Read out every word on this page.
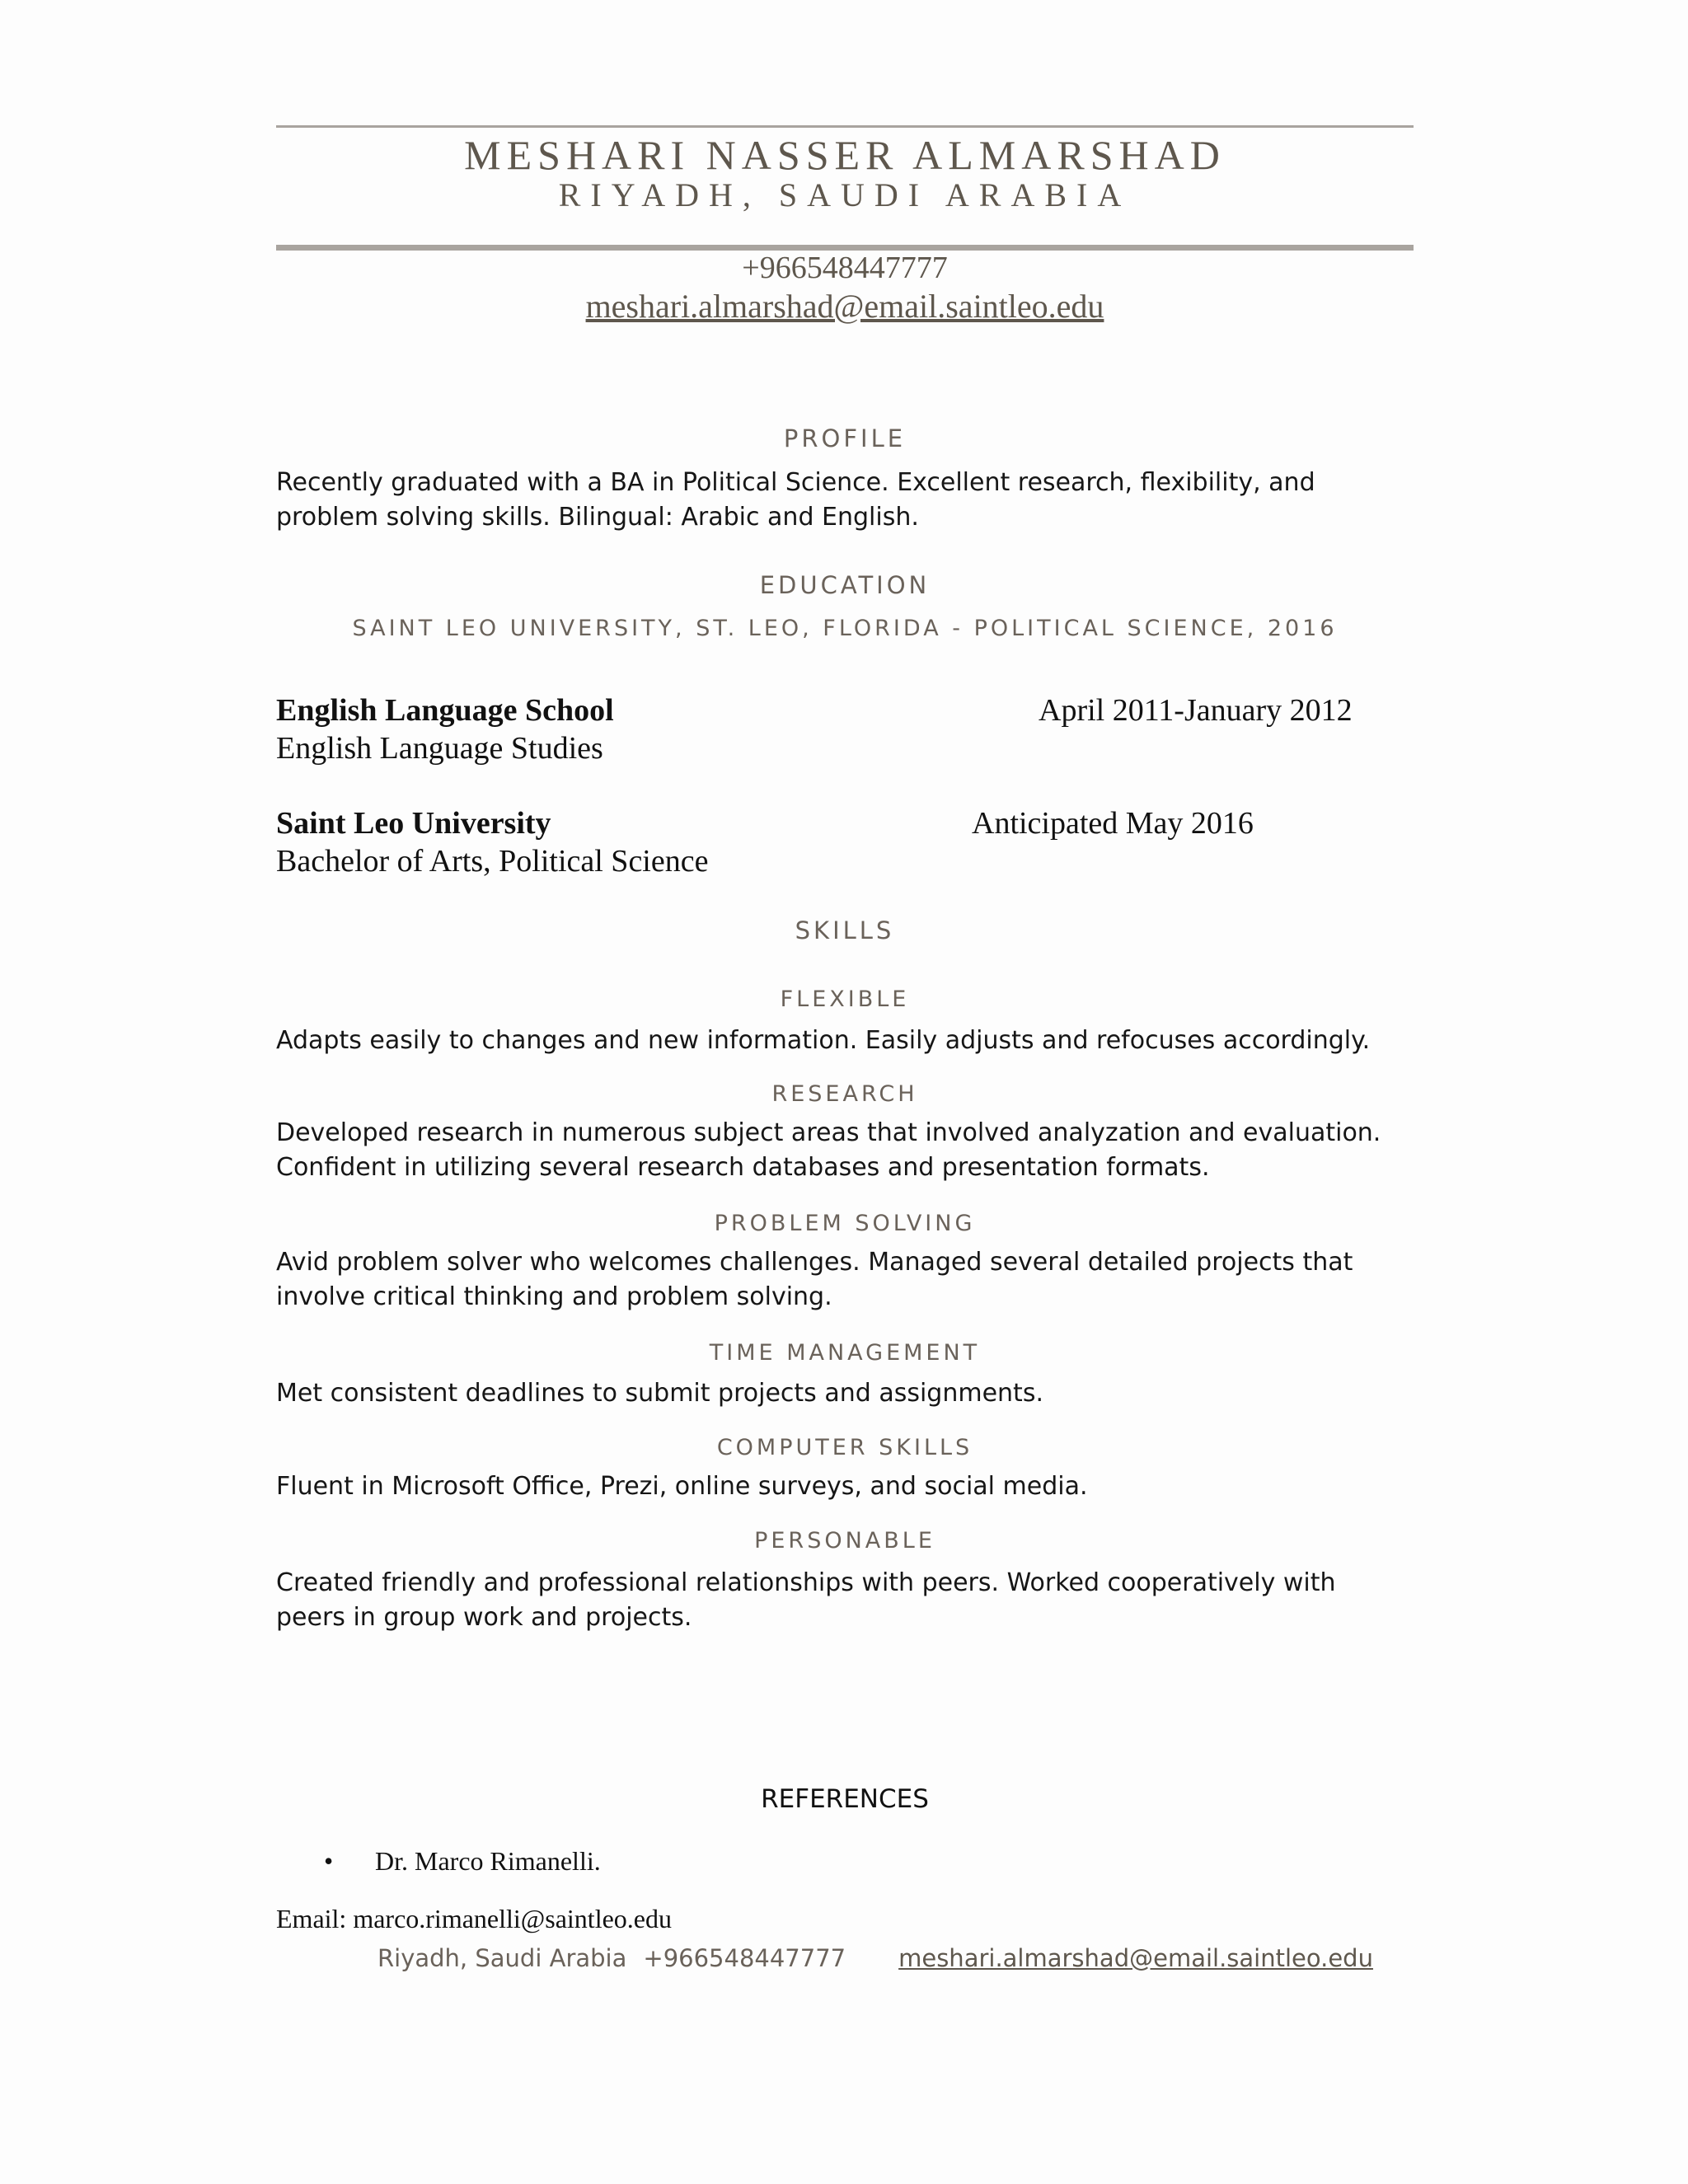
MESHARI NASSER ALMARSHAD
RIYADH, SAUDI ARABIA
+966548447777
meshari.almarshad@email.saintleo.edu
PROFILE
Recently graduated with a BA in Political Science. Excellent research, flexibility, and
problem solving skills. Bilingual: Arabic and English.
EDUCATION
SAINT LEO UNIVERSITY, ST. LEO, FLORIDA - POLITICAL SCIENCE, 2016
English Language School	April 2011-January 2012
English Language Studies
Saint Leo University	Anticipated May 2016
Bachelor of Arts, Political Science
SKILLS
FLEXIBLE
Adapts easily to changes and new information. Easily adjusts and refocuses accordingly.
RESEARCH
Developed research in numerous subject areas that involved analyzation and evaluation.
Confident in utilizing several research databases and presentation formats.
PROBLEM SOLVING
Avid problem solver who welcomes challenges. Managed several detailed projects that
involve critical thinking and problem solving.
TIME MANAGEMENT
Met consistent deadlines to submit projects and assignments.
COMPUTER SKILLS
Fluent in Microsoft Office, Prezi, online surveys, and social media.
PERSONABLE
Created friendly and professional relationships with peers. Worked cooperatively with
peers in group work and projects.
REFERENCES
• Dr. Marco Rimanelli.
Email: marco.rimanelli@saintleo.edu
Riyadh, Saudi Arabia +966548447777 meshari.almarshad@email.saintleo.edu
